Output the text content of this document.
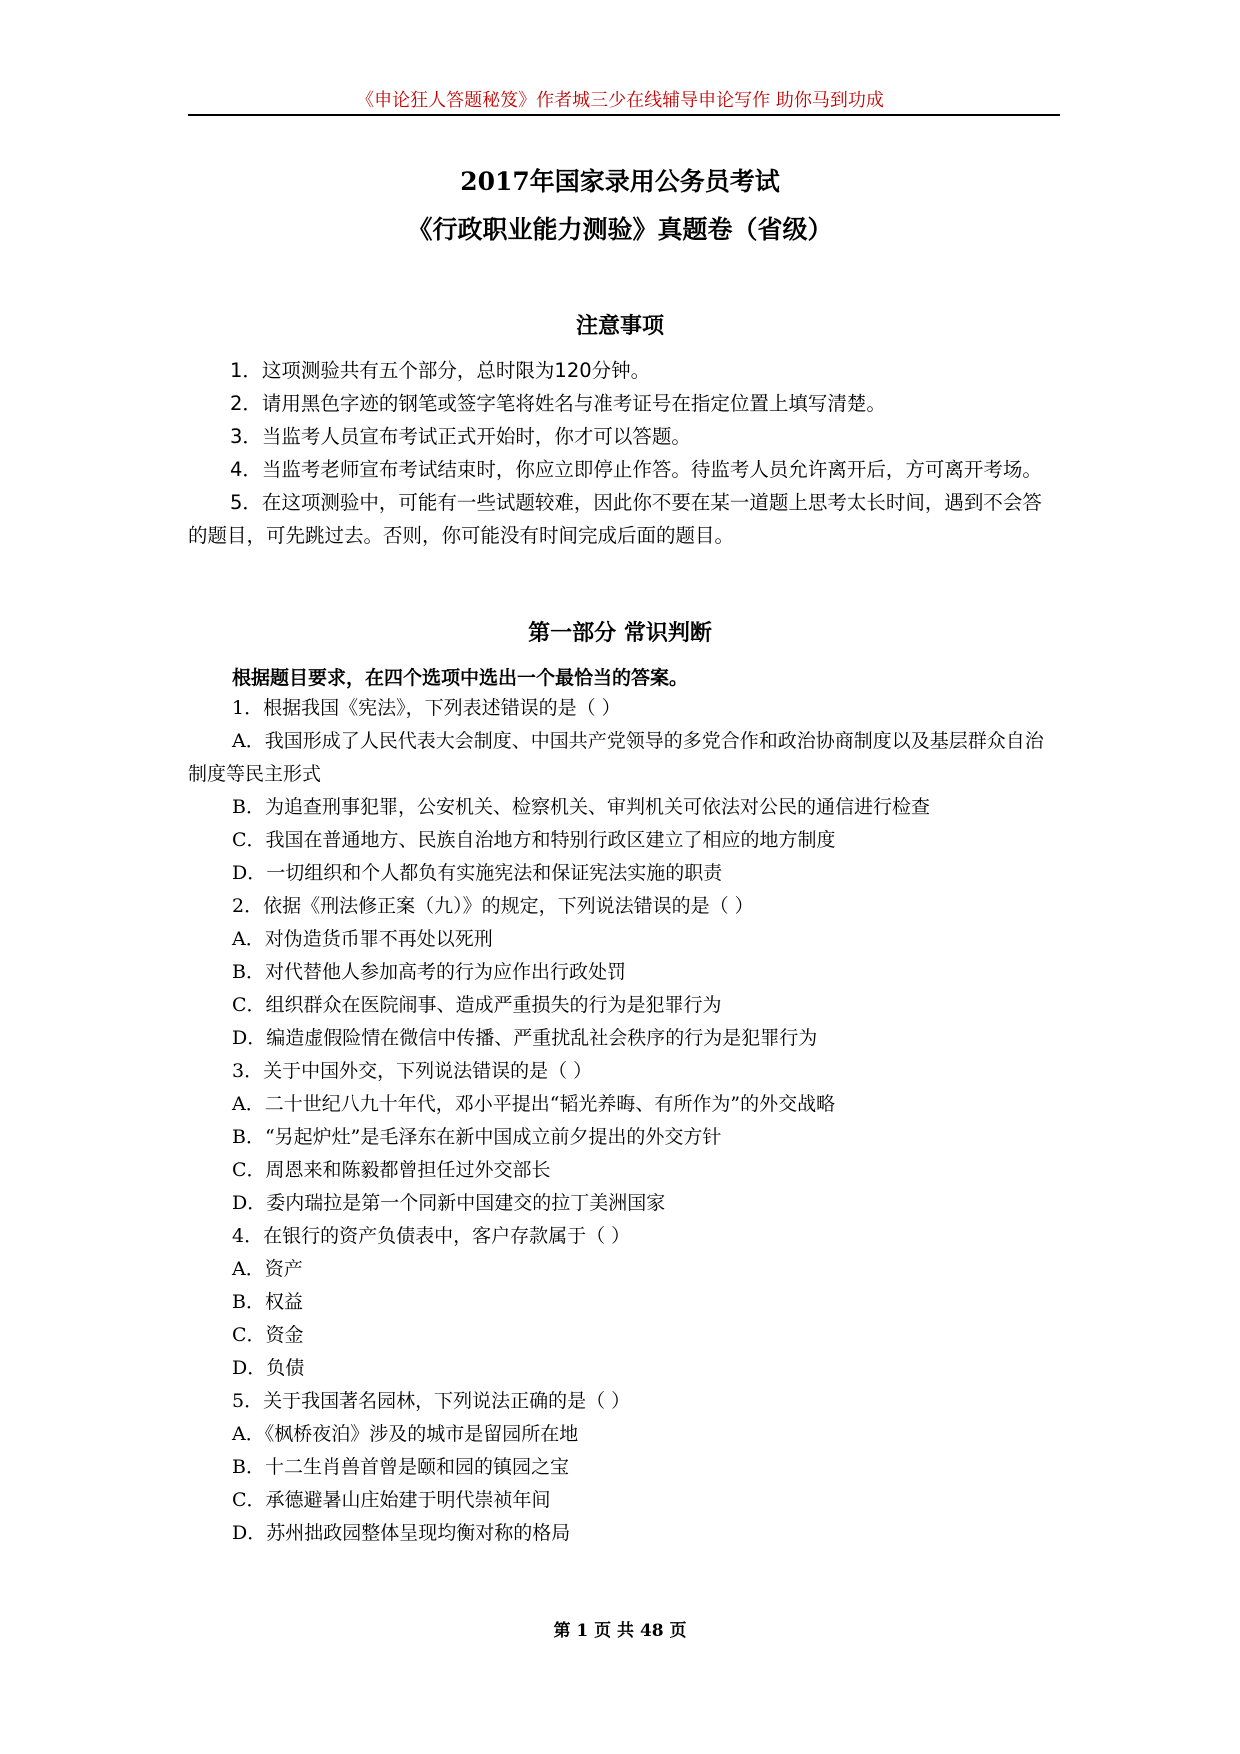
《申论狂人答题秘笈》作者城三少在线辅导申论写作 助你马到功成
2017年国家录用公务员考试
《行政职业能力测验》真题卷（省级）
注意事项

1．这项测验共有五个部分，总时限为120分钟。

2．请用黑色字迹的钢笔或签字笔将姓名与准考证号在指定位置上填写清楚。

3．当监考人员宣布考试正式开始时，你才可以答题。

4．当监考老师宣布考试结束时，你应立即停止作答。待监考人员允许离开后，方可离开考场。

5．在这项测验中，可能有一些试题较难，因此你不要在某一道题上思考太长时间，遇到不会答的题目，可先跳过去。否则，你可能没有时间完成后面的题目。

第一部分 常识判断
根据题目要求，在四个选项中选出一个最恰当的答案。

1．根据我国《宪法》，下列表述错误的是（ ）

A．我国形成了人民代表大会制度、中国共产党领导的多党合作和政治协商制度以及基层群众自治制度等民主形式

B．为追查刑事犯罪，公安机关、检察机关、审判机关可依法对公民的通信进行检查

C．我国在普通地方、民族自治地方和特别行政区建立了相应的地方制度

D．一切组织和个人都负有实施宪法和保证宪法实施的职责

2．依据《刑法修正案（九）》的规定，下列说法错误的是（ ）

A．对伪造货币罪不再处以死刑

B．对代替他人参加高考的行为应作出行政处罚

C．组织群众在医院闹事、造成严重损失的行为是犯罪行为

D．编造虚假险情在微信中传播、严重扰乱社会秩序的行为是犯罪行为

3．关于中国外交，下列说法错误的是（ ）

A．二十世纪八九十年代，邓小平提出“韬光养晦、有所作为”的外交战略

B．“另起炉灶”是毛泽东在新中国成立前夕提出的外交方针

C．周恩来和陈毅都曾担任过外交部长

D．委内瑞拉是第一个同新中国建交的拉丁美洲国家

4．在银行的资产负债表中，客户存款属于（ ）

A．资产

B．权益

C．资金

D．负债

5．关于我国著名园林，下列说法正确的是（ ）

A．《枫桥夜泊》涉及的城市是留园所在地

B．十二生肖兽首曾是颐和园的镇园之宝

C．承德避暑山庄始建于明代崇祯年间

D．苏州拙政园整体呈现均衡对称的格局

第 1 页 共 48 页
